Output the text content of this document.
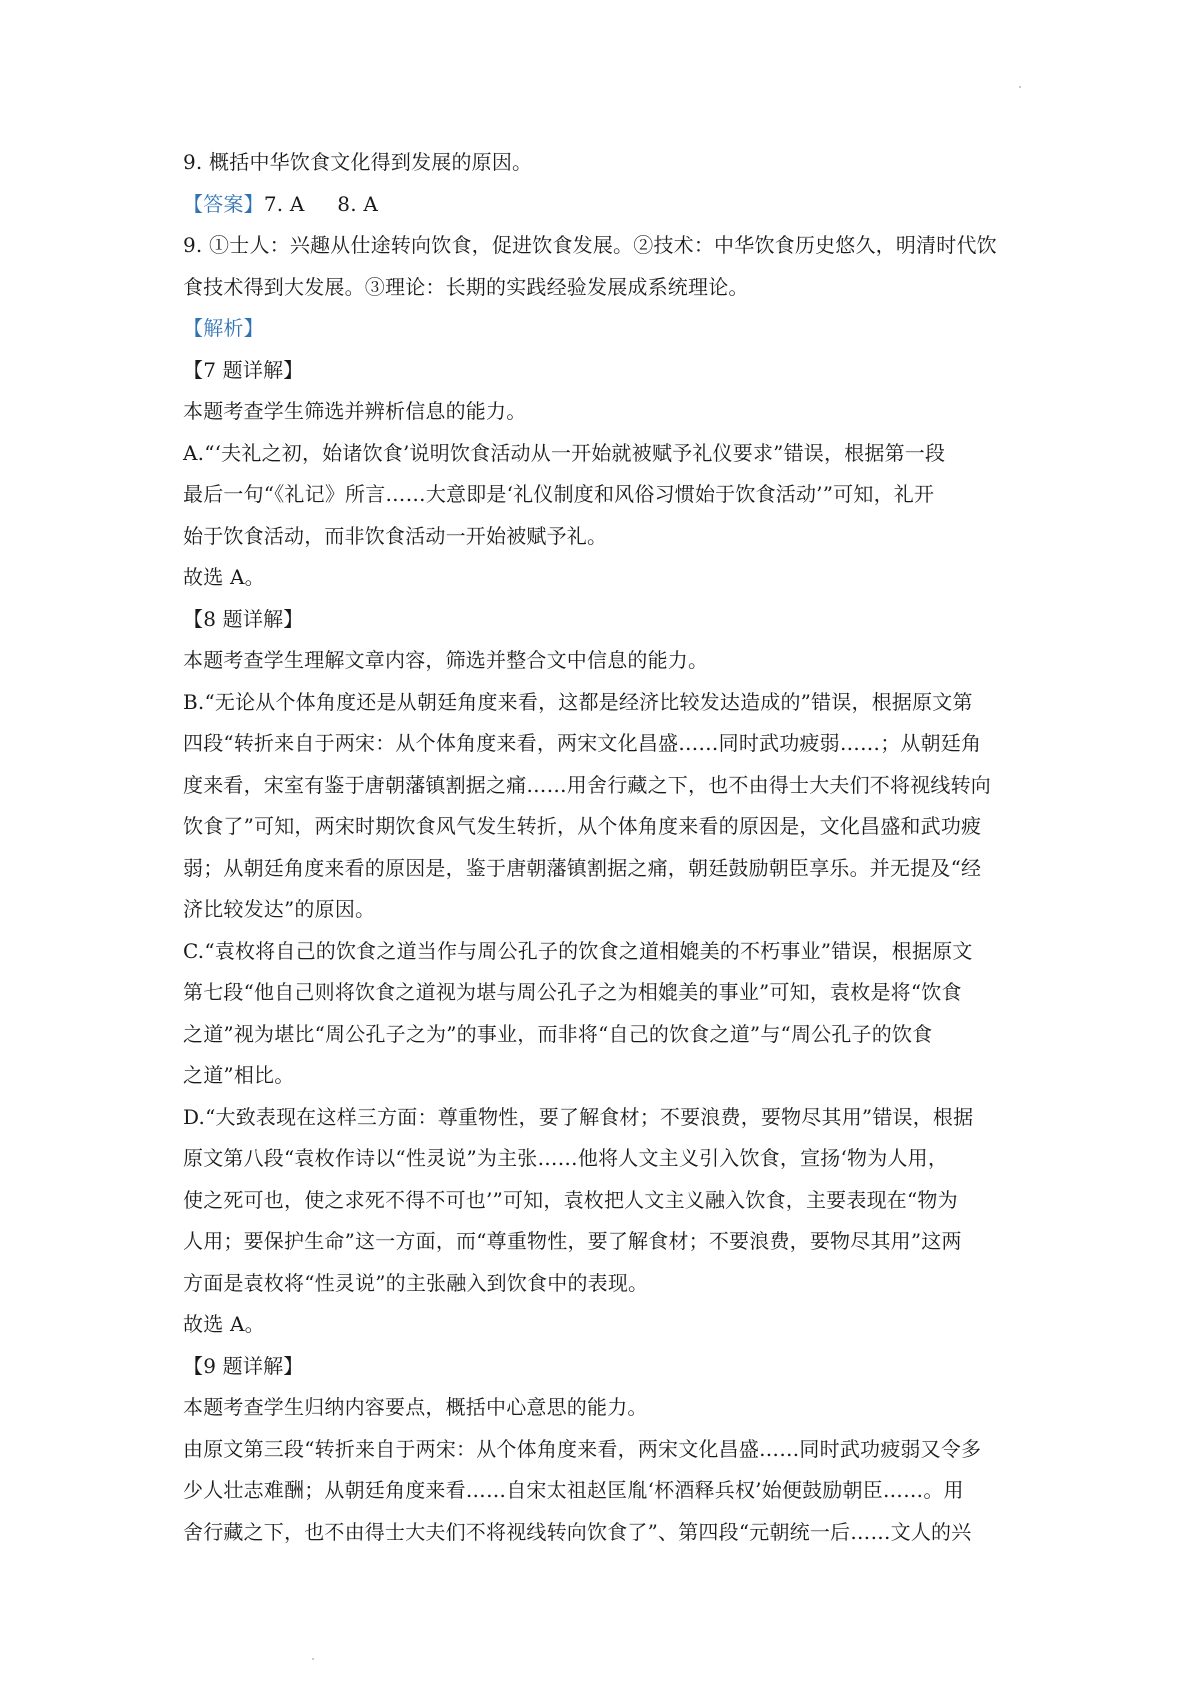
9. 概括中华饮食文化得到发展的原因。
【答案】7. A     8. A
9. ①士人：兴趣从仕途转向饮食，促进饮食发展。②技术：中华饮食历史悠久，明清时代饮
食技术得到大发展。③理论：长期的实践经验发展成系统理论。
【解析】
【7 题详解】
本题考查学生筛选并辨析信息的能力。
A.“‘夫礼之初，始诸饮食’说明饮食活动从一开始就被赋予礼仪要求”错误，根据第一段
最后一句“《礼记》所言……大意即是‘礼仪制度和风俗习惯始于饮食活动’”可知，礼开
始于饮食活动，而非饮食活动一开始被赋予礼。
故选 A。
【8 题详解】
本题考查学生理解文章内容，筛选并整合文中信息的能力。
B.“无论从个体角度还是从朝廷角度来看，这都是经济比较发达造成的”错误，根据原文第
四段“转折来自于两宋：从个体角度来看，两宋文化昌盛……同时武功疲弱……；从朝廷角
度来看，宋室有鉴于唐朝藩镇割据之痛……用舍行藏之下，也不由得士大夫们不将视线转向
饮食了”可知，两宋时期饮食风气发生转折，从个体角度来看的原因是，文化昌盛和武功疲
弱；从朝廷角度来看的原因是，鉴于唐朝藩镇割据之痛，朝廷鼓励朝臣享乐。并无提及“经
济比较发达”的原因。
C.“袁枚将自己的饮食之道当作与周公孔子的饮食之道相媲美的不朽事业”错误，根据原文
第七段“他自己则将饮食之道视为堪与周公孔子之为相媲美的事业”可知，袁枚是将“饮食
之道”视为堪比“周公孔子之为”的事业，而非将“自己的饮食之道”与“周公孔子的饮食
之道”相比。
D.“大致表现在这样三方面：尊重物性，要了解食材；不要浪费，要物尽其用”错误，根据
原文第八段“袁枚作诗以“性灵说”为主张……他将人文主义引入饮食，宣扬‘物为人用，
使之死可也，使之求死不得不可也’”可知，袁枚把人文主义融入饮食，主要表现在“物为
人用；要保护生命”这一方面，而“尊重物性，要了解食材；不要浪费，要物尽其用”这两
方面是袁枚将“性灵说”的主张融入到饮食中的表现。
故选 A。
【9 题详解】
本题考查学生归纳内容要点，概括中心意思的能力。
由原文第三段“转折来自于两宋：从个体角度来看，两宋文化昌盛……同时武功疲弱又令多
少人壮志难酬；从朝廷角度来看……自宋太祖赵匡胤‘杯酒释兵权’始便鼓励朝臣……。用
舍行藏之下，也不由得士大夫们不将视线转向饮食了”、第四段“元朝统一后……文人的兴
